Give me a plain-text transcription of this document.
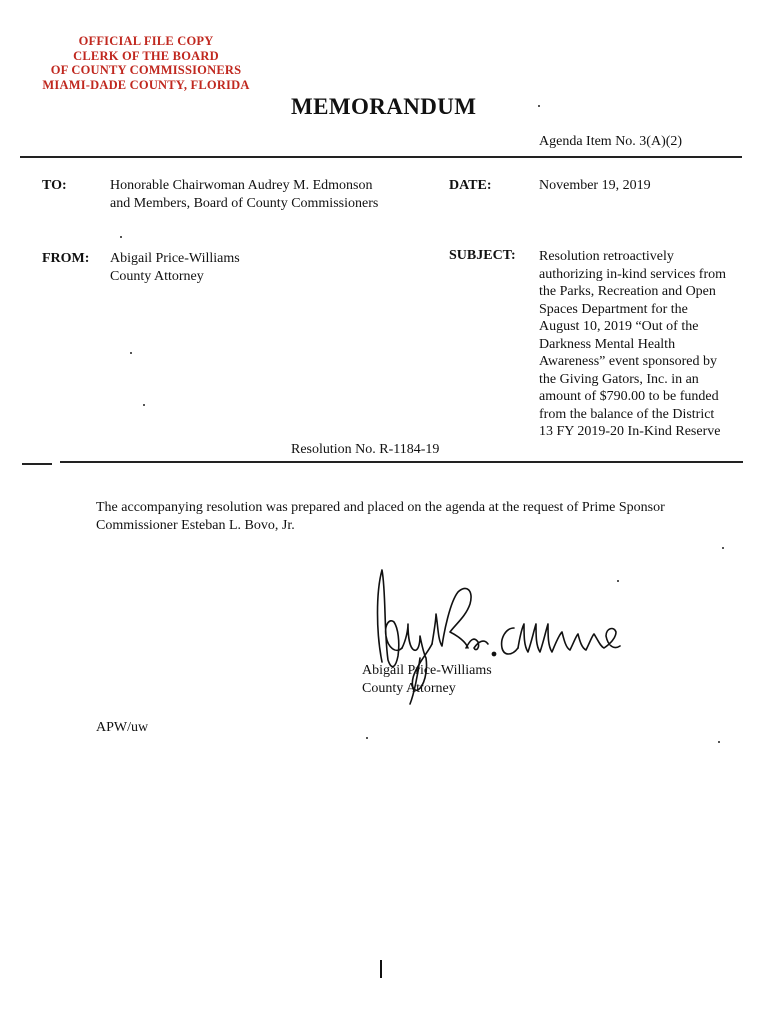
OFFICIAL FILE COPY
CLERK OF THE BOARD
OF COUNTY COMMISSIONERS
MIAMI-DADE COUNTY, FLORIDA
MEMORANDUM
Agenda Item No. 3(A)(2)
TO:	Honorable Chairwoman Audrey M. Edmonson
and Members, Board of County Commissioners
DATE:	November 19, 2019
FROM: Abigail Price-Williams
County Attorney
SUBJECT: Resolution retroactively
authorizing in-kind services from
the Parks, Recreation and Open
Spaces Department for the
August 10, 2019 “Out of the
Darkness Mental Health
Awareness” event sponsored by
the Giving Gators, Inc. in an
amount of $790.00 to be funded
from the balance of the District
13 FY 2019-20 In-Kind Reserve
Resolution No. R-1184-19
The accompanying resolution was prepared and placed on the agenda at the request of Prime Sponsor
Commissioner Esteban L. Bovo, Jr.
Abigail Price-Williams
County Attorney
APW/uw
